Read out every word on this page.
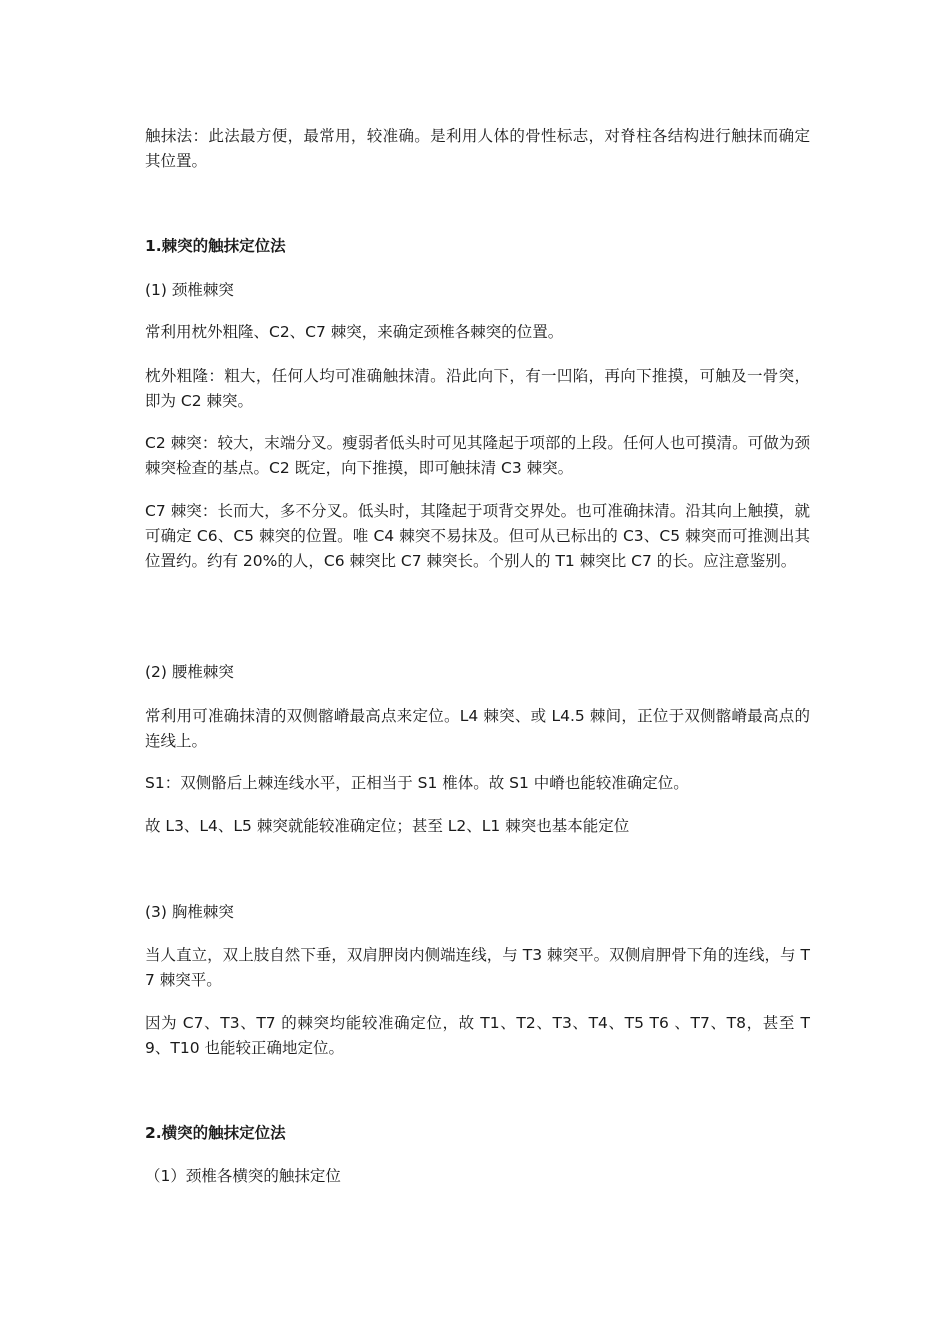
触抹法：此法最方便，最常用，较准确。是利用人体的骨性标志，对脊柱各结构进行触抹而确定其位置。

1.棘突的触抹定位法

(1) 颈椎棘突

常利用枕外粗隆、C2、C7 棘突，来确定颈椎各棘突的位置。

枕外粗隆：粗大，任何人均可准确触抹清。沿此向下，有一凹陷，再向下推摸，可触及一骨突，即为 C2 棘突。

C2 棘突：较大，末端分叉。瘦弱者低头时可见其隆起于项部的上段。任何人也可摸清。可做为颈棘突检查的基点。C2 既定，向下推摸，即可触抹清 C3 棘突。

C7 棘突：长而大，多不分叉。低头时，其隆起于项背交界处。也可准确抹清。沿其向上触摸，就可确定 C6、C5 棘突的位置。唯 C4 棘突不易抹及。但可从已标出的 C3、C5 棘突而可推测出其位置约。约有 20%的人，C6 棘突比 C7 棘突长。个别人的 T1 棘突比 C7 的长。应注意鉴别。

(2) 腰椎棘突

常利用可准确抹清的双侧髂嵴最高点来定位。L4 棘突、或 L4.5 棘间，正位于双侧髂嵴最高点的连线上。

S1：双侧骼后上棘连线水平，正相当于 S1 椎体。故 S1 中嵴也能较准确定位。

故 L3、L4、L5 棘突就能较准确定位；甚至 L2、L1 棘突也基本能定位

(3) 胸椎棘突

当人直立，双上肢自然下垂，双肩胛岗内侧端连线，与 T3 棘突平。双侧肩胛骨下角的连线，与 T7 棘突平。

因为 C7、T3、T7 的棘突均能较准确定位，故 T1、T2、T3、T4、T5 T6 、T7、T8，甚至 T9、T10 也能较正确地定位。

2.横突的触抹定位法

（1）颈椎各横突的触抹定位
